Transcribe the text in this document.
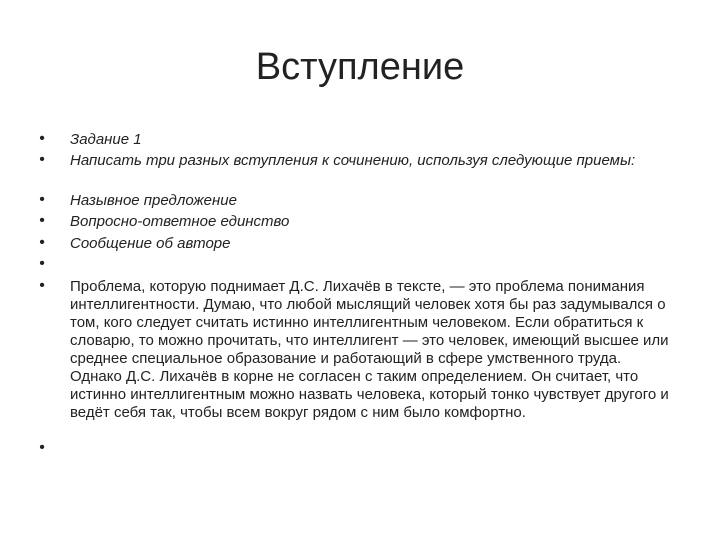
Вступление
• Задание 1
• Написать три разных вступления к сочинению, используя следующие приемы:
• Назывное предложение
• Вопросно-ответное единство
• Сообщение об авторе
•
• Проблема, которую поднимает Д.С. Лихачёв в тексте, — это проблема понимания интеллигентности. Думаю, что любой мыслящий человек хотя бы раз задумывался о том, кого следует считать истинно интеллигентным человеком. Если обратиться к словарю, то можно прочитать, что интеллигент — это человек, имеющий высшее или среднее специальное образование и работающий в сфере умственного труда. Однако Д.С. Лихачёв в корне не согласен с таким определением. Он считает, что истинно интеллигентным можно назвать человека, который тонко чувствует другого и ведёт себя так, чтобы всем вокруг рядом с ним было комфортно.
•
